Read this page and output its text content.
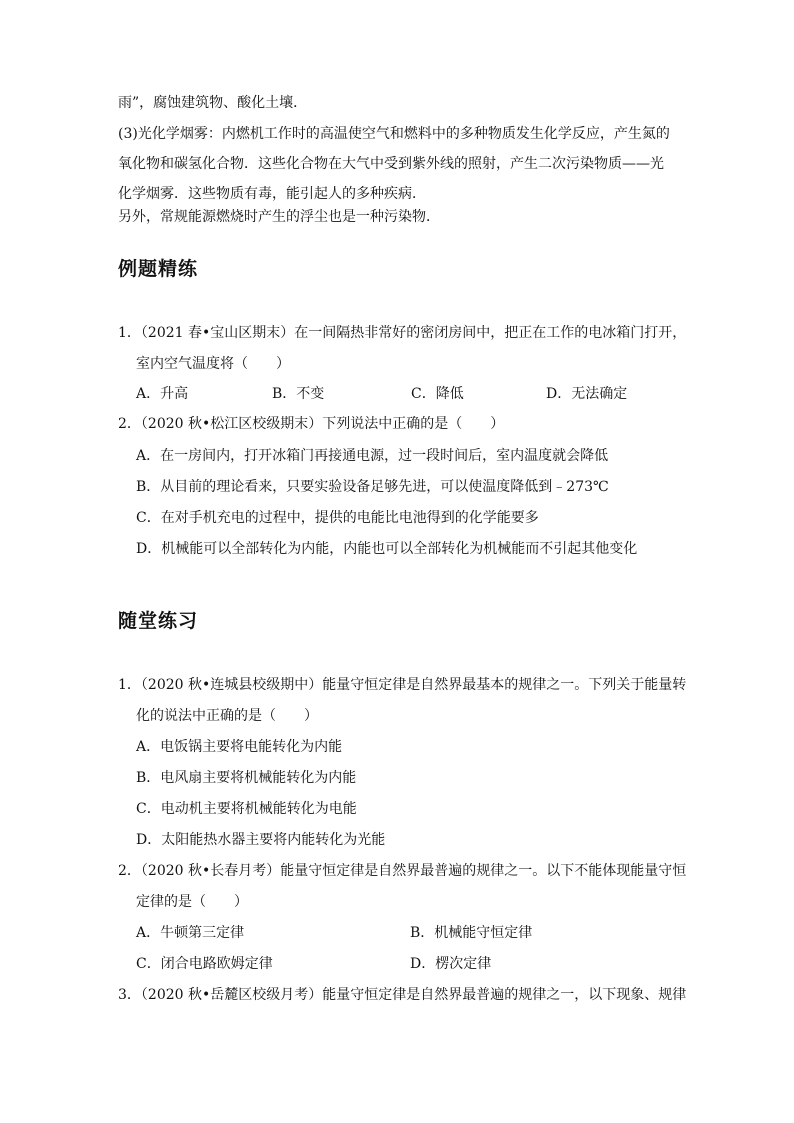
雨”，腐蚀建筑物、酸化土壤．
(3)光化学烟雾：内燃机工作时的高温使空气和燃料中的多种物质发生化学反应，产生氮的
氧化物和碳氢化合物．这些化合物在大气中受到紫外线的照射，产生二次污染物质——光
化学烟雾．这些物质有毒，能引起人的多种疾病．
另外，常规能源燃烧时产生的浮尘也是一种污染物．
例题精练
1．（2021 春•宝山区期末）在一间隔热非常好的密闭房间中，把正在工作的电冰箱门打开，
室内空气温度将（　　）
A．升高	B．不变	C．降低	D．无法确定
2．（2020 秋•松江区校级期末）下列说法中正确的是（　　）
A．在一房间内，打开冰箱门再接通电源，过一段时间后，室内温度就会降低
B．从目前的理论看来，只要实验设备足够先进，可以使温度降低到﹣273℃
C．在对手机充电的过程中，提供的电能比电池得到的化学能要多
D．机械能可以全部转化为内能，内能也可以全部转化为机械能而不引起其他变化
随堂练习
1．（2020 秋•连城县校级期中）能量守恒定律是自然界最基本的规律之一。下列关于能量转
化的说法中正确的是（　　）
A．电饭锅主要将电能转化为内能
B．电风扇主要将机械能转化为内能
C．电动机主要将机械能转化为电能
D．太阳能热水器主要将内能转化为光能
2．（2020 秋•长春月考）能量守恒定律是自然界最普遍的规律之一。以下不能体现能量守恒
定律的是（　　）
A．牛顿第三定律	B．机械能守恒定律
C．闭合电路欧姆定律	D．楞次定律
3．（2020 秋•岳麓区校级月考）能量守恒定律是自然界最普遍的规律之一，以下现象、规律
